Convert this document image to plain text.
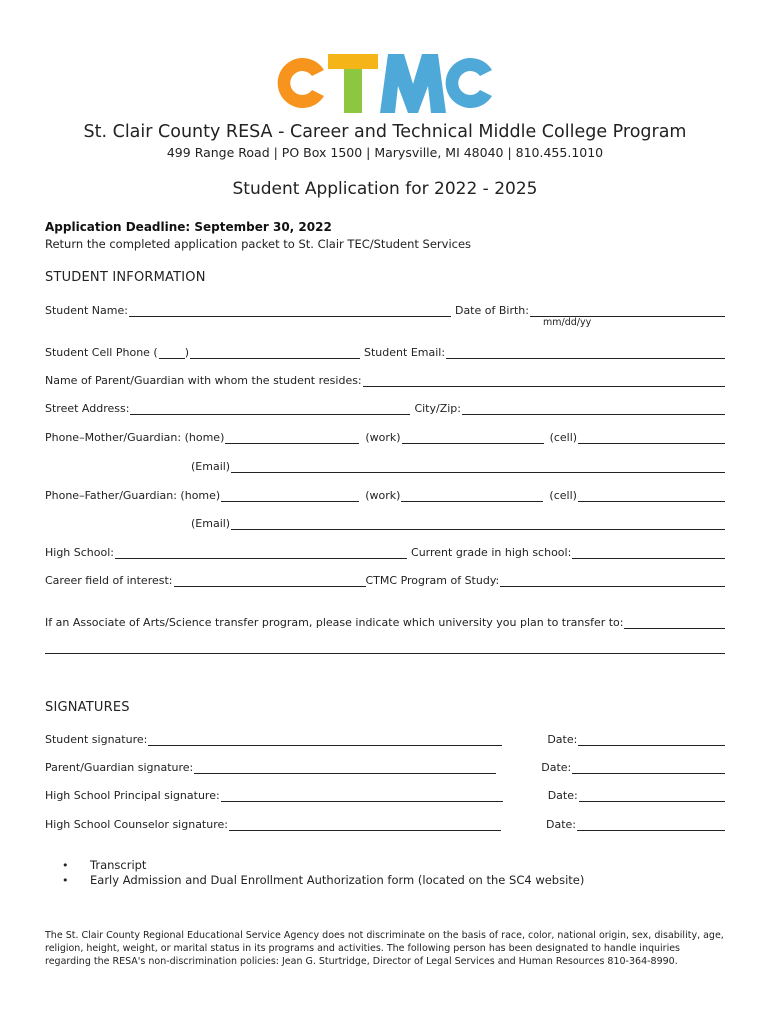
St. Clair County RESA - Career and Technical Middle College Program
499 Range Road | PO Box 1500 | Marysville, MI 48040 | 810.455.1010
Student Application for 2022 - 2025
Application Deadline: September 30, 2022
Return the completed application packet to St. Clair TEC/Student Services
STUDENT INFORMATION
Student Name:	Date of Birth:
mm/dd/yy
Student Cell Phone ( )	Student Email:
Name of Parent/Guardian with whom the student resides:
Street Address:	City/Zip:
Phone–Mother/Guardian: (home)	(work)	(cell)
(Email)
Phone–Father/Guardian: (home)	(work)	(cell)
(Email)
High School:	Current grade in high school:
Career field of interest:	CTMC Program of Study:
If an Associate of Arts/Science transfer program, please indicate which university you plan to transfer to:
SIGNATURES
Student signature:	Date:
Parent/Guardian signature:	Date:
High School Principal signature:	Date:
High School Counselor signature:	Date:
• Transcript
• Early Admission and Dual Enrollment Authorization form (located on the SC4 website)
The St. Clair County Regional Educational Service Agency does not discriminate on the basis of race, color, national origin, sex, disability, age, religion, height, weight, or marital status in its programs and activities. The following person has been designated to handle inquiries regarding the RESA's non-discrimination policies: Jean G. Sturtridge, Director of Legal Services and Human Resources 810-364-8990.
